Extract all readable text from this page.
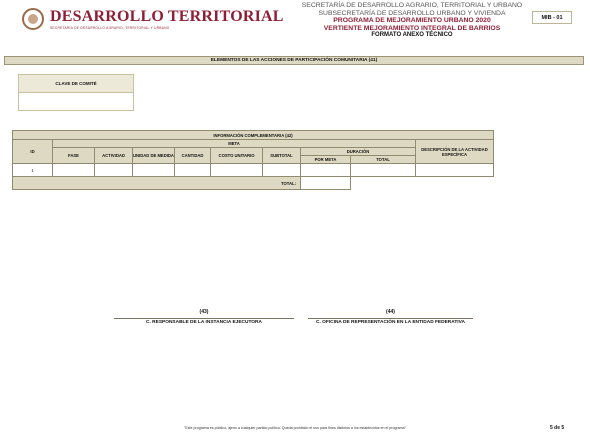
DESARROLLO TERRITORIAL
SECRETARÍA DE DESARROLLO AGRARIO, TERRITORIAL Y URBANO
SECRETARÍA DE DESARROLLO AGRARIO, TERRITORIAL Y URBANO
SUBSECRETARÍA DE DESARROLLO URBANO Y VIVIENDA
PROGRAMA DE MEJORAMIENTO URBANO 2020
VERTIENTE MEJORAMIENTO INTEGRAL DE BARRIOS
FORMATO ANEXO TÉCNICO
MIB - 01
ELEMENTOS DE LAS ACCIONES DE PARTICIPACIÓN COMUNITARIA (41)
CLAVE DE COMITÉ
INFORMACIÓN COMPLEMENTARIA (42)									
ID	META								DESCRIPCIÓN DE LA ACTIVIDAD ESPECÍFICA
	FASE	ACTIVIDAD	UNIDAD DE MEDIDA	CANTIDAD	COSTO UNITARIO	SUBTOTAL	DURACIÓN		
							POR META	TOTAL	
1									
TOTAL:									
(43)
C. RESPONSABLE DE LA INSTANCIA EJECUTORA
(44)
C. OFICINA DE REPRESENTACIÓN EN LA ENTIDAD FEDERATIVA
"Este programa es público, ajeno a cualquier partido político. Queda prohibido el uso para fines distintos a los establecidos en el programa"	5 de 5
